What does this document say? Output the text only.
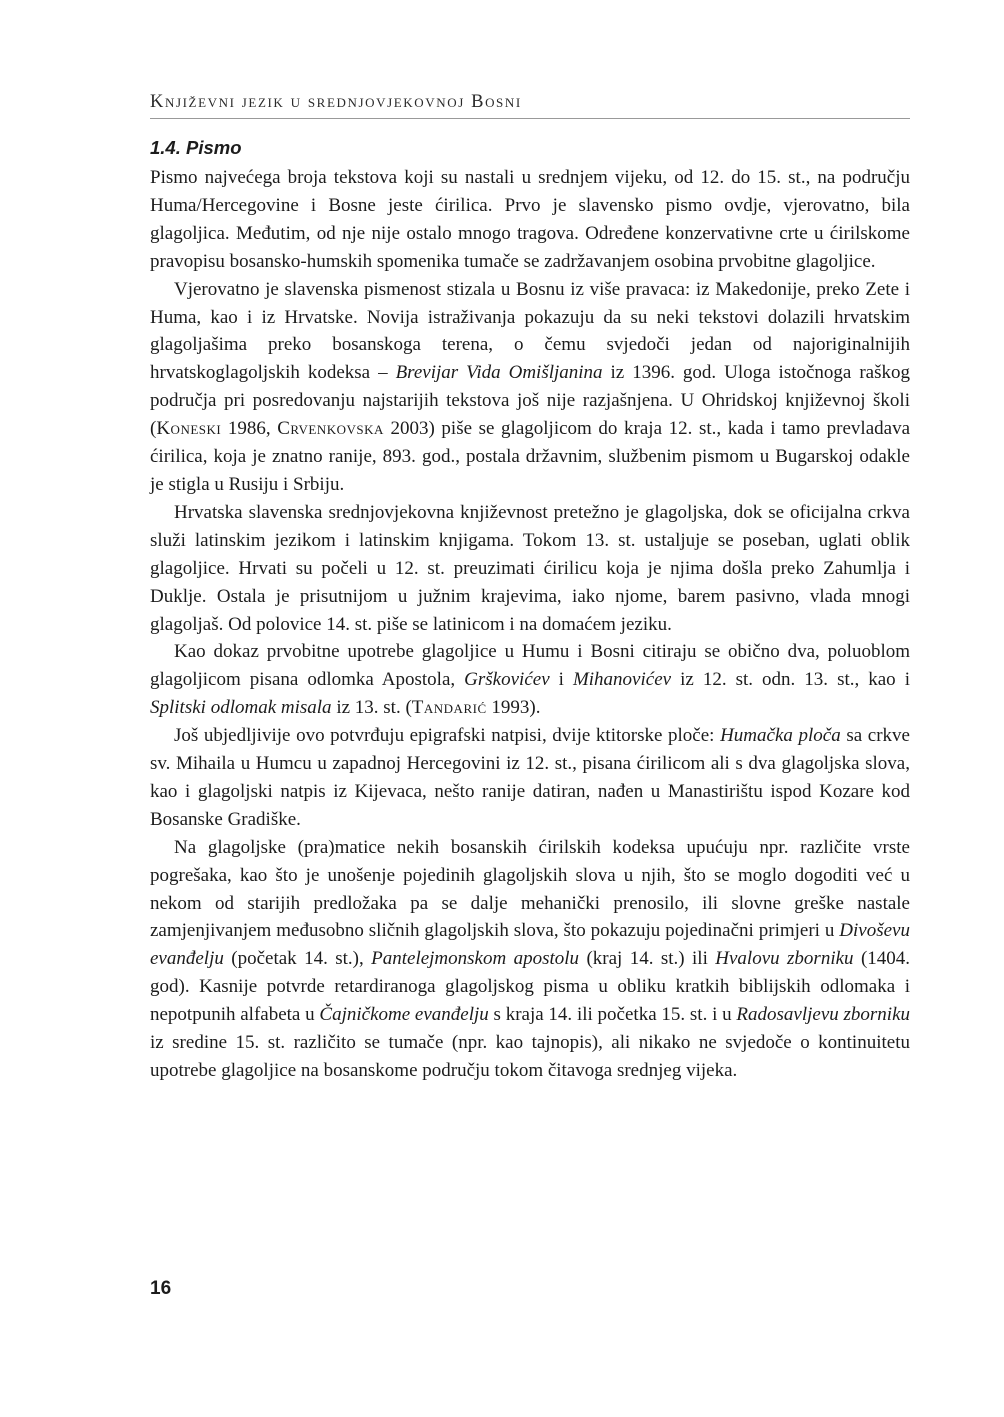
Književni jezik u srednjovjekovnoj Bosni
1.4. Pismo

Pismo najvećega broja tekstova koji su nastali u srednjem vijeku, od 12. do 15. st., na području Huma/Hercegovine i Bosne jeste ćirilica. Prvo je slavensko pismo ovdje, vjerovatno, bila glagoljica. Međutim, od nje nije ostalo mnogo tragova. Određene konzervativne crte u ćirilskome pravopisu bosansko-humskih spomenika tumače se zadržavanjem osobina prvobitne glagoljice.

Vjerovatno je slavenska pismenost stizala u Bosnu iz više pravaca: iz Makedonije, preko Zete i Huma, kao i iz Hrvatske. Novija istraživanja pokazuju da su neki tekstovi dolazili hrvatskim glagoljašima preko bosanskoga terena, o čemu svjedoči jedan od najoriginalnijih hrvatskoglagoljskih kodeksa – Brevijar Vida Omišljanina iz 1396. god. Uloga istočnoga raškog područja pri posredovanju najstarijih tekstova još nije razjašnjena. U Ohridskoj književnoj školi (Koneski 1986, Crvenkovska 2003) piše se glagoljicom do kraja 12. st., kada i tamo prevladava ćirilica, koja je znatno ranije, 893. god., postala državnim, službenim pismom u Bugarskoj odakle je stigla u Rusiju i Srbiju.

Hrvatska slavenska srednjovjekovna književnost pretežno je glagoljska, dok se oficijalna crkva služi latinskim jezikom i latinskim knjigama. Tokom 13. st. ustaljuje se poseban, uglati oblik glagoljice. Hrvati su počeli u 12. st. preuzimati ćirilicu koja je njima došla preko Zahumlja i Duklje. Ostala je prisutnijom u južnim krajevima, iako njome, barem pasivno, vlada mnogi glagoljaš. Od polovice 14. st. piše se latinicom i na domaćem jeziku.

Kao dokaz prvobitne upotrebe glagoljice u Humu i Bosni citiraju se obično dva, poluoblom glagoljicom pisana odlomka Apostola, Grškovićev i Mihanovićev iz 12. st. odn. 13. st., kao i Splitski odlomak misala iz 13. st. (Tandarić 1993).

Još ubjedljivije ovo potvrđuju epigrafski natpisi, dvije ktitorske ploče: Humačka ploča sa crkve sv. Mihaila u Humcu u zapadnoj Hercegovini iz 12. st., pisana ćirilicom ali s dva glagoljska slova, kao i glagoljski natpis iz Kijevaca, nešto ranije datiran, nađen u Manastirištu ispod Kozare kod Bosanske Gradiške.

Na glagoljske (pra)matice nekih bosanskih ćirilskih kodeksa upućuju npr. različite vrste pogrešaka, kao što je unošenje pojedinih glagoljskih slova u njih, što se moglo dogoditi već u nekom od starijih predložaka pa se dalje mehanički prenosilo, ili slovne greške nastale zamjenjivanjem međusobno sličnih glagoljskih slova, što pokazuju pojedinačni primjeri u Divoševu evanđelju (početak 14. st.), Pantelejmonskom apostolu (kraj 14. st.) ili Hvalovu zborniku (1404. god). Kasnije potvrde retardiranoga glagoljskog pisma u obliku kratkih biblijskih odlomaka i nepotpunih alfabeta u Čajničkome evanđelju s kraja 14. ili početka 15. st. i u Radosavljevu zborniku iz sredine 15. st. različito se tumače (npr. kao tajnopis), ali nikako ne svjedoče o kontinuitetu upotrebe glagoljice na bosanskome području tokom čitavoga srednjeg vijeka.

16
